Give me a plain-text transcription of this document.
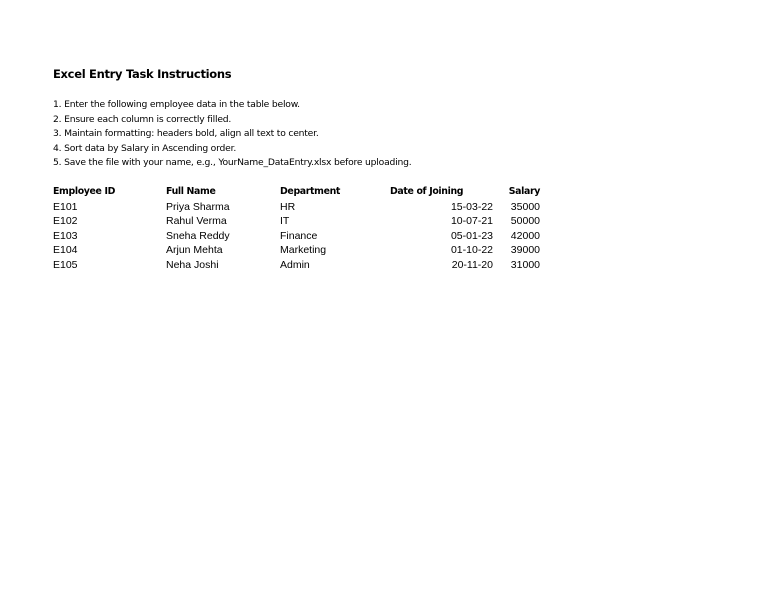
Excel Entry Task Instructions
1. Enter the following employee data in the table below.
2. Ensure each column is correctly filled.
3. Maintain formatting: headers bold, align all text to center.
4. Sort data by Salary in Ascending order.
5. Save the file with your name, e.g., YourName_DataEntry.xlsx before uploading.
Employee ID	Full Name	Department	Date of Joining	Salary
E101	Priya Sharma	HR	15-03-22	35000
E102	Rahul Verma	IT	10-07-21	50000
E103	Sneha Reddy	Finance	05-01-23	42000
E104	Arjun Mehta	Marketing	01-10-22	39000
E105	Neha Joshi	Admin	20-11-20	31000
